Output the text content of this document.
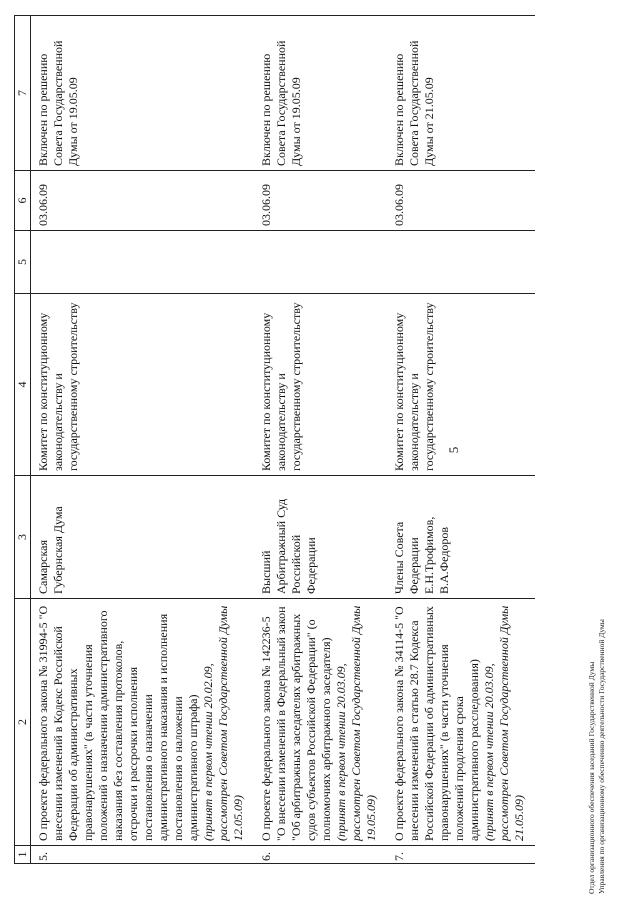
5
1	2	3	4	5	6	7
5.	О проекте федерального закона № 31994-5 "О внесении изменений в Кодекс Российской Федерации об административных правонарушениях" (в части уточнения положений о назначении административного наказания без составления протоколов, отсрочки и рассрочки исполнения постановления о назначении административного наказания и исполнения постановления о наложении административного штрафа) (принят в первом чтении 20.02.09, рассмотрен Советом Государственной Думы 12.05.09)	Самарская Губернская Дума	Комитет по конституционному законодательству и государственному строительству		03.06.09	Включен по решению Совета Государственной Думы от 19.05.09
6.	О проекте федерального закона № 142236-5 "О внесении изменений в Федеральный закон "Об арбитражных заседателях арбитражных судов субъектов Российской Федерации" (о полномочиях арбитражного заседателя) (принят в первом чтении 20.03.09, рассмотрен Советом Государственной Думы 19.05.09)	Высший Арбитражный Суд Российской Федерации	Комитет по конституционному законодательству и государственному строительству		03.06.09	Включен по решению Совета Государственной Думы от 19.05.09
7.	О проекте федерального закона № 34114-5 "О внесении изменений в статью 28.7 Кодекса Российской Федерации об административных правонарушениях" (в части уточнения положений продления срока административного расследования) (принят в первом чтении 20.03.09, рассмотрен Советом Государственной Думы 21.05.09)	Члены Совета Федерации Е.Н.Трофимов, В.А.Федоров	Комитет по конституционному законодательству и государственному строительству		03.06.09	Включен по решению Совета Государственной Думы от 21.05.09
Отдел организационного обеспечения заседаний Государственной Думы Управления по организационному обеспечению деятельности Государственной Думы
